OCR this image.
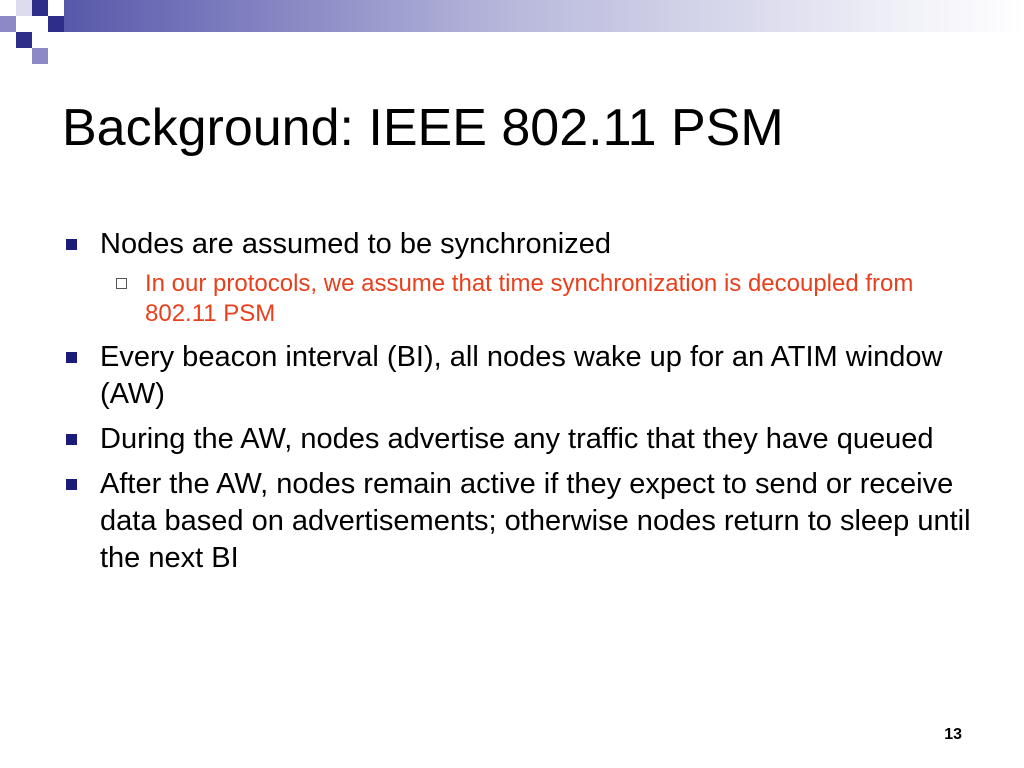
Background: IEEE 802.11 PSM
Nodes are assumed to be synchronized
In our protocols, we assume that time synchronization is decoupled from 802.11 PSM
Every beacon interval (BI), all nodes wake up for an ATIM window (AW)
During the AW, nodes advertise any traffic that they have queued
After the AW, nodes remain active if they expect to send or receive data based on advertisements; otherwise nodes return to sleep until the next BI
13
